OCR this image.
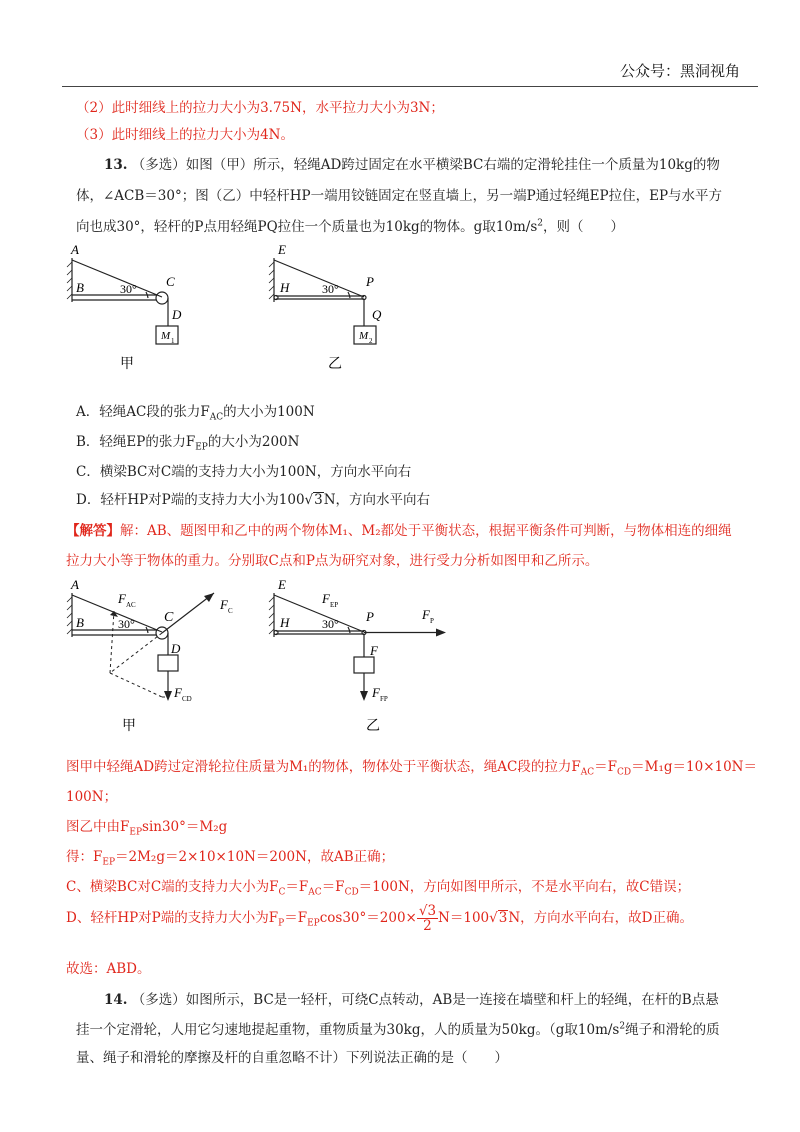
公众号：黑洞视角
（2）此时细线上的拉力大小为3.75N，水平拉力大小为3N；
（3）此时细线上的拉力大小为4N。
13. （多选）如图（甲）所示，轻绳AD跨过固定在水平横梁BC右端的定滑轮挂住一个质量为10kg的物
体，∠ACB＝30°；图（乙）中轻杆HP一端用铰链固定在竖直墙上，另一端P通过轻绳EP拉住，EP与水平方
向也成30°，轻杆的P点用轻绳PQ拉住一个质量也为10kg的物体。g取$10m/s^2$，则（　　）
A
B	C
D
30°
M 1
甲
E
H	P
Q
30°
M 2
乙
A．轻绳AC段的张力$F_{AC}$的大小为100N
B．轻绳EP的张力$F_{EP}$的大小为200N
C．横梁BC对C端的支持力大小为100N，方向水平向右
D．轻杆HP对P端的支持力大小为100√3N，方向水平向右
【解答】解：AB、题图甲和乙中的两个物体M₁、M₂都处于平衡状态，根据平衡条件可判断，与物体相连的细绳
拉力大小等于物体的重力。分别取C点和P点为研究对象，进行受力分析如图甲和乙所示。
A
B	C
D
30°
F AC	F C
F CD
甲
E
H	P
30°
F EP
F P
F
F FP
乙
图甲中轻绳AD跨过定滑轮拉住质量为M₁的物体，物体处于平衡状态，绳AC段的拉力$F_{AC}=F_{CD}=M_1g=10\times 10N=$
100N；
图乙中由$F_{EP}\sin 30^\circ=M_2g$
得：$F_{EP}=2M_2g=2\times 10\times 10N=200N$，故AB正确；
C、横梁BC对C端的支持力大小为$F_C=F_{AC}=F_{CD}=100N$，方向如图甲所示，不是水平向右，故C错误；
D、轻杆HP对P端的支持力大小为$F_P=F_{EP}\cos 30^\circ=200\times \frac{√3}{2} N=100√3N$，方向水平向右，故D正确。
故选：ABD。
14. （多选）如图所示，BC是一轻杆，可绕C点转动，AB是一连接在墙壁和杆上的轻绳，在杆的B点悬
挂一个定滑轮，人用它匀速地提起重物，重物质量为30kg，人的质量为50kg。（g取$10m/s^2$绳子和滑轮的质
量、绳子和滑轮的摩擦及杆的自重忽略不计）下列说法正确的是（　　）
